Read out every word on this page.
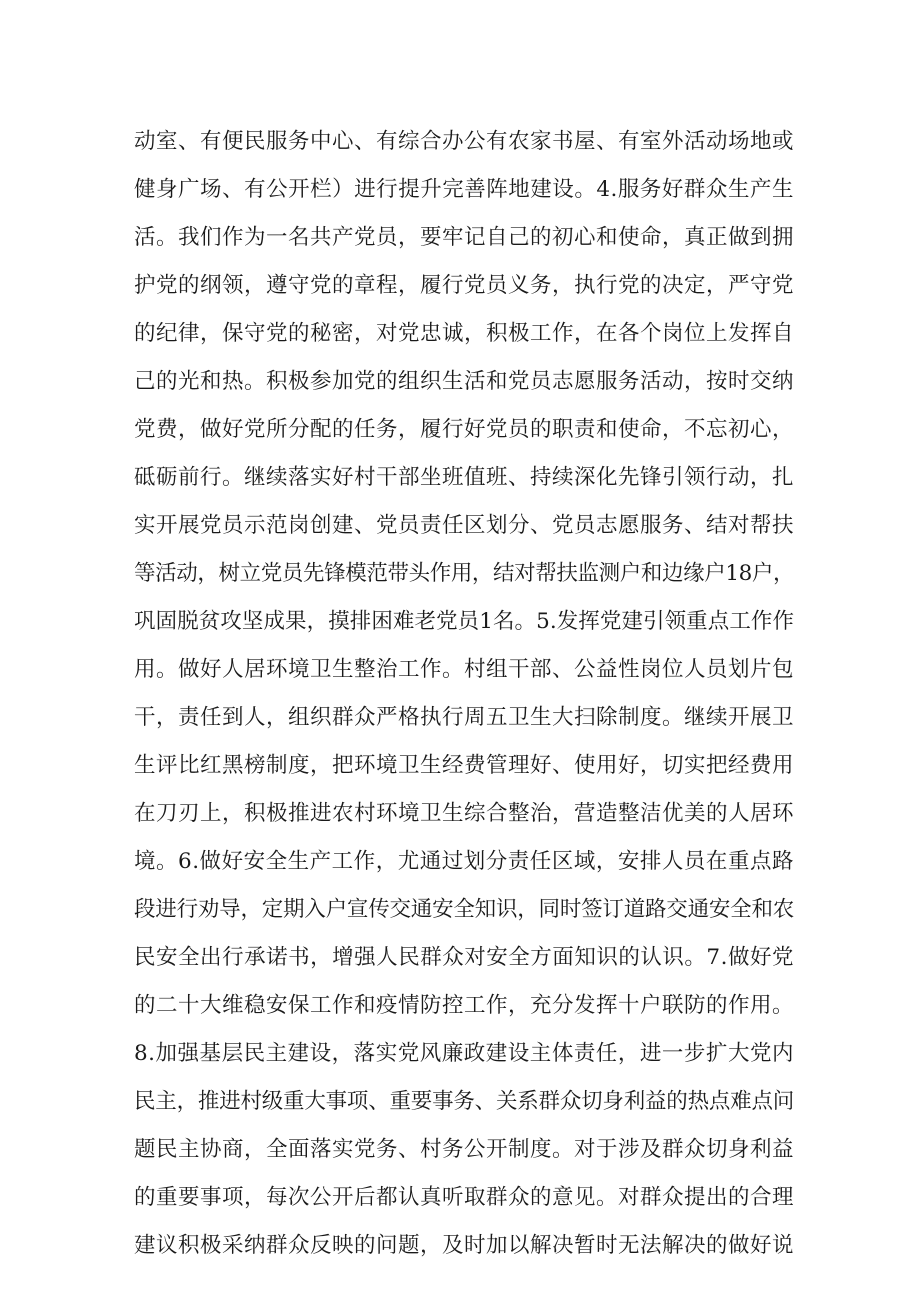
动室、有便民服务中心、有综合办公有农家书屋、有室外活动场地或
健身广场、有公开栏）进行提升完善阵地建设。4.服务好群众生产生
活。我们作为一名共产党员，要牢记自己的初心和使命，真正做到拥
护党的纲领，遵守党的章程，履行党员义务，执行党的决定，严守党
的纪律，保守党的秘密，对党忠诚，积极工作，在各个岗位上发挥自
己的光和热。积极参加党的组织生活和党员志愿服务活动，按时交纳
党费，做好党所分配的任务，履行好党员的职责和使命，不忘初心，
砥砺前行。继续落实好村干部坐班值班、持续深化先锋引领行动，扎
实开展党员示范岗创建、党员责任区划分、党员志愿服务、结对帮扶
等活动，树立党员先锋模范带头作用，结对帮扶监测户和边缘户18户，
巩固脱贫攻坚成果，摸排困难老党员1名。5.发挥党建引领重点工作作
用。做好人居环境卫生整治工作。村组干部、公益性岗位人员划片包
干，责任到人，组织群众严格执行周五卫生大扫除制度。继续开展卫
生评比红黑榜制度，把环境卫生经费管理好、使用好，切实把经费用
在刀刃上，积极推进农村环境卫生综合整治，营造整洁优美的人居环
境。6.做好安全生产工作，尤通过划分责任区域，安排人员在重点路
段进行劝导，定期入户宣传交通安全知识，同时签订道路交通安全和农
民安全出行承诺书，增强人民群众对安全方面知识的认识。7.做好党
的二十大维稳安保工作和疫情防控工作，充分发挥十户联防的作用。
8.加强基层民主建设，落实党风廉政建设主体责任，进一步扩大党内
民主，推进村级重大事项、重要事务、关系群众切身利益的热点难点问
题民主协商，全面落实党务、村务公开制度。对于涉及群众切身利益
的重要事项，每次公开后都认真听取群众的意见。对群众提出的合理
建议积极采纳群众反映的问题，及时加以解决暂时无法解决的做好说
